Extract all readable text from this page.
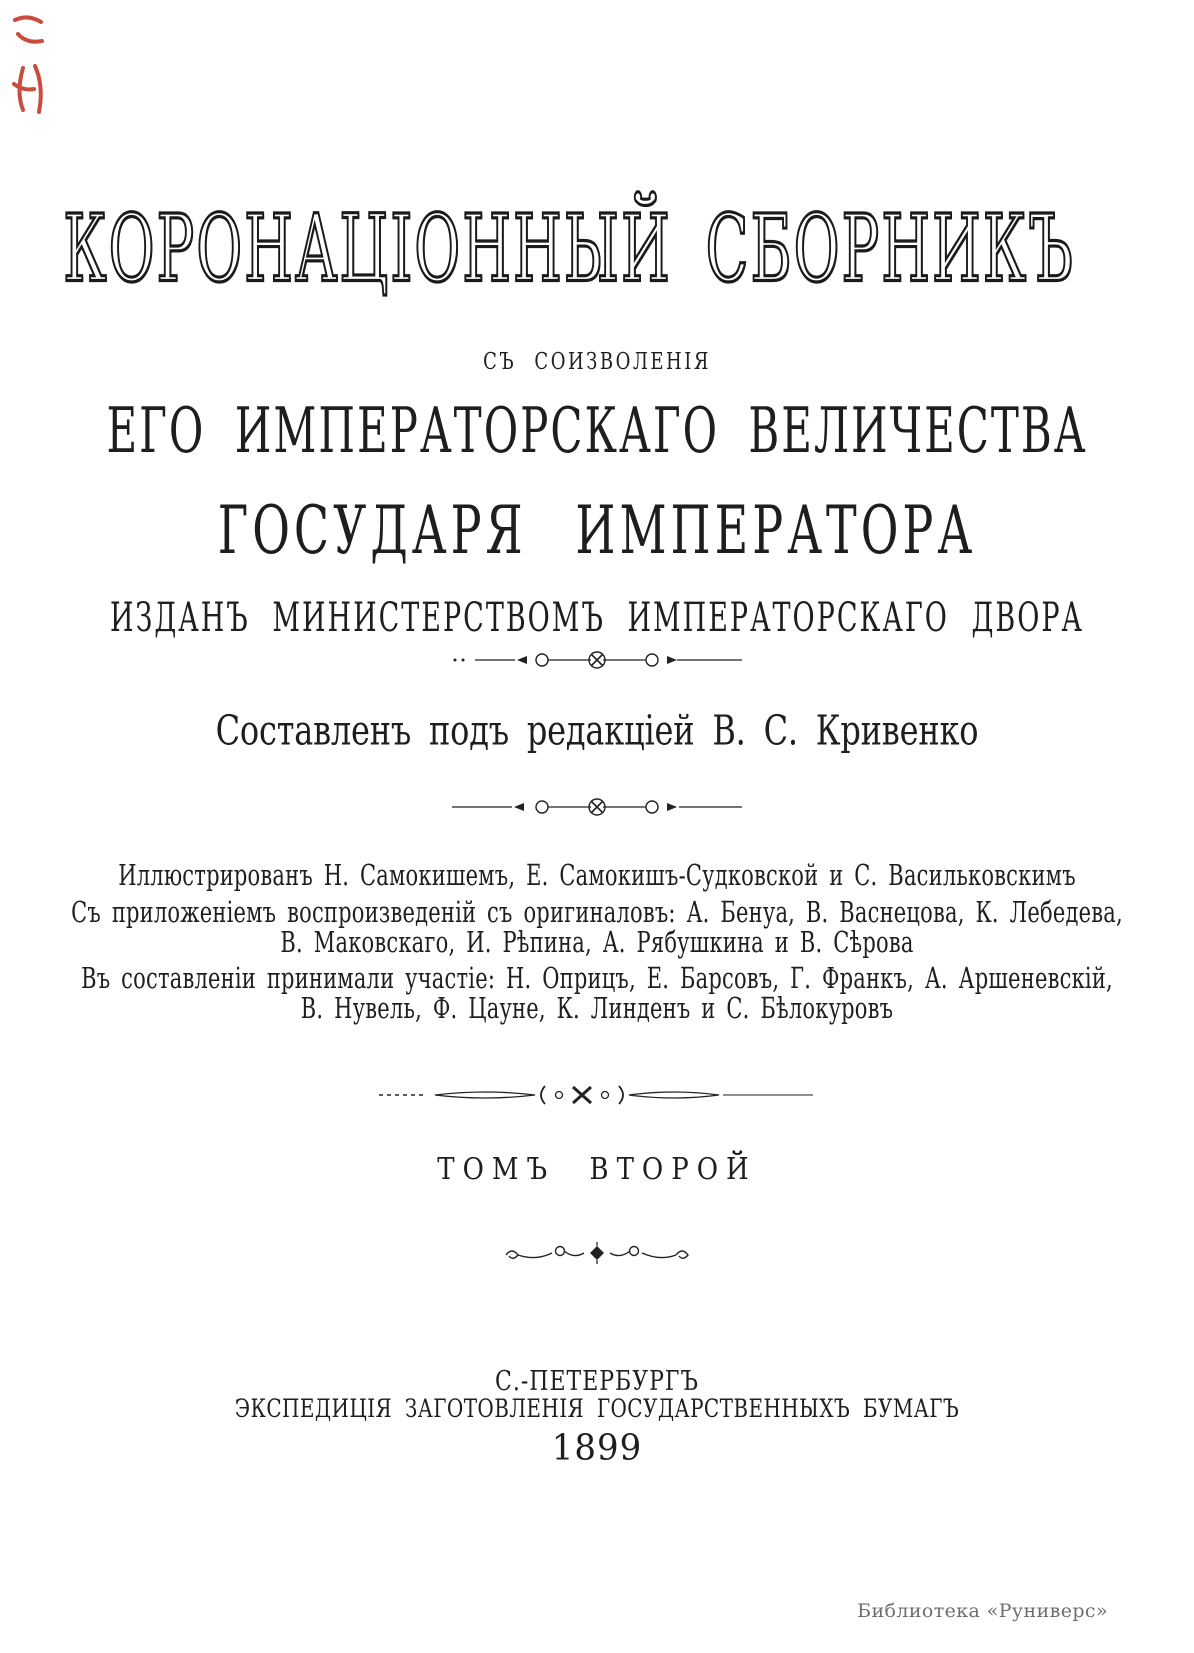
КОРОНАЦІОННЫЙ СБОРНИКЪ
СЪ СОИЗВОЛЕНІЯ
ЕГО ИМПЕРАТОРСКАГО ВЕЛИЧЕСТВА
ГОСУДАРЯ ИМПЕРАТОРА
ИЗДАНЪ МИНИСТЕРСТВОМЪ ИМПЕРАТОРСКАГО ДВОРА
Составленъ подъ редакціей В. С. Кривенко
Иллюстрированъ Н. Самокишемъ, Е. Самокишъ-Судковской и С. Васильковскимъ
Съ приложеніемъ воспроизведеній съ оригиналовъ: А. Бенуа, В. Васнецова, К. Лебедева,
В. Маковскаго, И. Рѣпина, А. Рябушкина и В. Сѣрова
Въ составленіи принимали участіе: Н. Оприцъ, Е. Барсовъ, Г. Франкъ, А. Аршеневскій,
В. Нувель, Ф. Цауне, К. Линденъ и С. Бѣлокуровъ
ТОМЪ ВТОРОЙ
С.-ПЕТЕРБУРГЪ
ЭКСПЕДИЦІЯ ЗАГОТОВЛЕНІЯ ГОСУДАРСТВЕННЫХЪ БУМАГЪ
1899
Библиотека «Руниверс»
